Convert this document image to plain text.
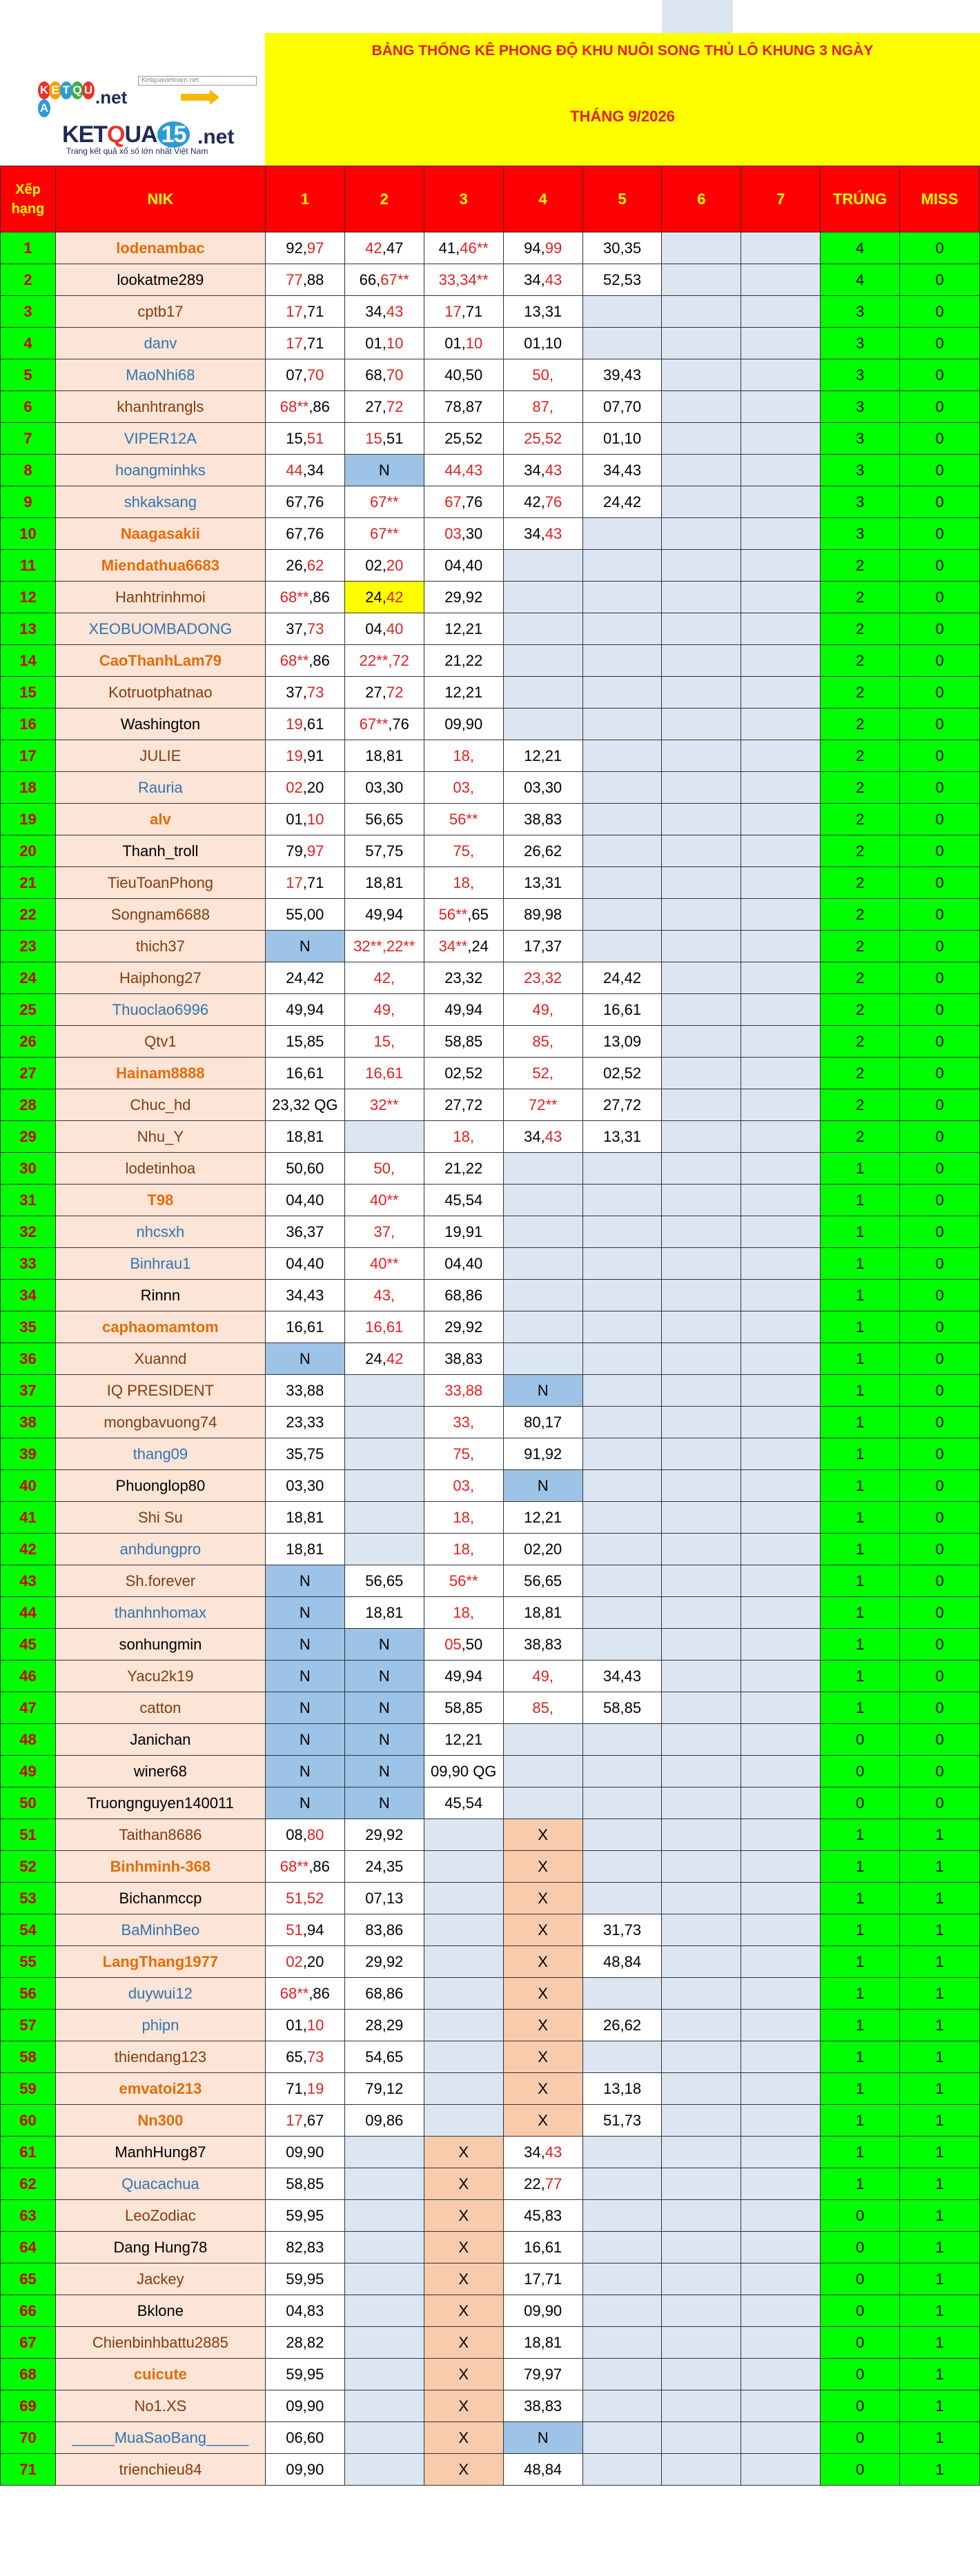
K E T Q UA
.net
Ketquavietnam.net
KETQUA 15 .net
Trang kết quả xổ số lớn nhất Việt Nam
BẢNG THỐNG KÊ PHONG ĐỘ KHU NUÔI SONG THỦ LÔ KHUNG 3 NGÀY
THÁNG 9/2026
Xếp hạng	NIK	1	2	3	4	5	6	7	TRÚNG	MISS
1	lodenambac	92,97	42,47	41,46**	94,99	30,35			4	0
2	lookatme289	77,88	66,67**	33,34**	34,43	52,53			4	0
3	cptb17	17,71	34,43	17,71	13,31				3	0
4	danv	17,71	01,10	01,10	01,10				3	0
5	MaoNhi68	07,70	68,70	40,50	50,	39,43			3	0
6	khanhtrangls	68**,86	27,72	78,87	87,	07,70			3	0
7	VIPER12A	15,51	15,51	25,52	25,52	01,10			3	0
8	hoangminhks	44,34	N	44,43	34,43	34,43			3	0
9	shkaksang	67,76	67**	67,76	42,76	24,42			3	0
10	Naagasakii	67,76	67**	03,30	34,43				3	0
11	Miendathua6683	26,62	02,20	04,40					2	0
12	Hanhtrinhmoi	68**,86	24,42	29,92					2	0
13	XEOBUOMBADONG	37,73	04,40	12,21					2	0
14	CaoThanhLam79	68**,86	22**,72	21,22					2	0
15	Kotruotphatnao	37,73	27,72	12,21					2	0
16	Washington	19,61	67**,76	09,90					2	0
17	JULIE	19,91	18,81	18,	12,21				2	0
18	Rauria	02,20	03,30	03,	03,30				2	0
19	alv	01,10	56,65	56**	38,83				2	0
20	Thanh_troll	79,97	57,75	75,	26,62				2	0
21	TieuToanPhong	17,71	18,81	18,	13,31				2	0
22	Songnam6688	55,00	49,94	56**,65	89,98				2	0
23	thich37	N	32**,22**	34**,24	17,37				2	0
24	Haiphong27	24,42	42,	23,32	23,32	24,42			2	0
25	Thuoclao6996	49,94	49,	49,94	49,	16,61			2	0
26	Qtv1	15,85	15,	58,85	85,	13,09			2	0
27	Hainam8888	16,61	16,61	02,52	52,	02,52			2	0
28	Chuc_hd	23,32 QG	32**	27,72	72**	27,72			2	0
29	Nhu_Y	18,81		18,	34,43	13,31			2	0
30	lodetinhoa	50,60	50,	21,22					1	0
31	T98	04,40	40**	45,54					1	0
32	nhcsxh	36,37	37,	19,91					1	0
33	Binhrau1	04,40	40**	04,40					1	0
34	Rinnn	34,43	43,	68,86					1	0
35	caphaomamtom	16,61	16,61	29,92					1	0
36	Xuannd	N	24,42	38,83					1	0
37	IQ PRESIDENT	33,88		33,88	N				1	0
38	mongbavuong74	23,33		33,	80,17				1	0
39	thang09	35,75		75,	91,92				1	0
40	Phuonglop80	03,30		03,	N				1	0
41	Shi Su	18,81		18,	12,21				1	0
42	anhdungpro	18,81		18,	02,20				1	0
43	Sh.forever	N	56,65	56**	56,65				1	0
44	thanhnhomax	N	18,81	18,	18,81				1	0
45	sonhungmin	N	N	05,50	38,83				1	0
46	Yacu2k19	N	N	49,94	49,	34,43			1	0
47	catton	N	N	58,85	85,	58,85			1	0
48	Janichan	N	N	12,21					0	0
49	winer68	N	N	09,90 QG					0	0
50	Truongnguyen140011	N	N	45,54					0	0
51	Taithan8686	08,80	29,92		X				1	1
52	Binhminh-368	68**,86	24,35		X				1	1
53	Bichanmccp	51,52	07,13		X				1	1
54	BaMinhBeo	51,94	83,86		X	31,73			1	1
55	LangThang1977	02,20	29,92		X	48,84			1	1
56	duywui12	68**,86	68,86		X				1	1
57	phipn	01,10	28,29		X	26,62			1	1
58	thiendang123	65,73	54,65		X				1	1
59	emvatoi213	71,19	79,12		X	13,18			1	1
60	Nn300	17,67	09,86		X	51,73			1	1
61	ManhHung87	09,90		X	34,43				1	1
62	Quacachua	58,85		X	22,77				1	1
63	LeoZodiac	59,95		X	45,83				0	1
64	Dang Hung78	82,83		X	16,61				0	1
65	Jackey	59,95		X	17,71				0	1
66	Bklone	04,83		X	09,90				0	1
67	Chienbinhbattu2885	28,82		X	18,81				0	1
68	cuicute	59,95		X	79,97				0	1
69	No1.XS	09,90		X	38,83				0	1
70	_____MuaSaoBang_____	06,60		X	N				0	1
71	trienchieu84	09,90		X	48,84				0	1
